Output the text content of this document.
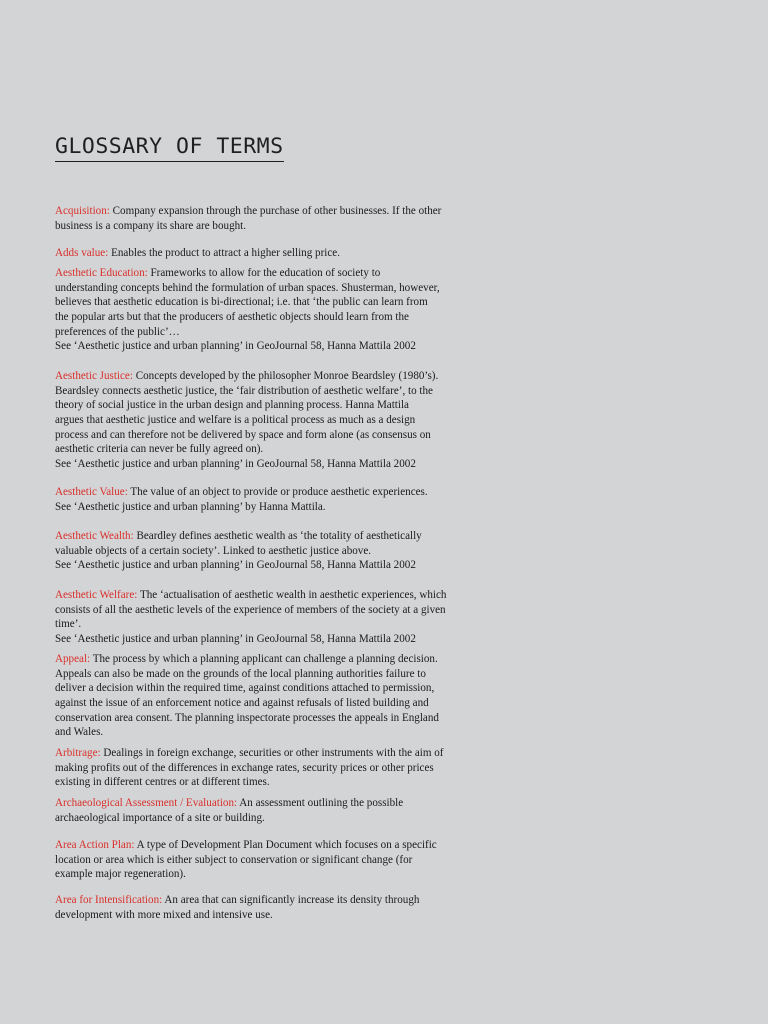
GLOSSARY OF TERMS
Acquisition: Company expansion through the purchase of other businesses. If the other
business is a company its share are bought.
Adds value: Enables the product to attract a higher selling price.
Aesthetic Education: Frameworks to allow for the education of society to
understanding concepts behind the formulation of urban spaces. Shusterman, however,
believes that aesthetic education is bi-directional; i.e. that ‘the public can learn from
the popular arts but that the producers of aesthetic objects should learn from the
preferences of the public’…
See ‘Aesthetic justice and urban planning’ in GeoJournal 58, Hanna Mattila 2002
Aesthetic Justice: Concepts developed by the philosopher Monroe Beardsley (1980’s).
Beardsley connects aesthetic justice, the ‘fair distribution of aesthetic welfare’, to the
theory of social justice in the urban design and planning process. Hanna Mattila
argues that aesthetic justice and welfare is a political process as much as a design
process and can therefore not be delivered by space and form alone (as consensus on
aesthetic criteria can never be fully agreed on).
See ‘Aesthetic justice and urban planning’ in GeoJournal 58, Hanna Mattila 2002
Aesthetic Value: The value of an object to provide or produce aesthetic experiences.
See ‘Aesthetic justice and urban planning’ by Hanna Mattila.
Aesthetic Wealth: Beardley defines aesthetic wealth as ‘the totality of aesthetically
valuable objects of a certain society’. Linked to aesthetic justice above.
See ‘Aesthetic justice and urban planning’ in GeoJournal 58, Hanna Mattila 2002
Aesthetic Welfare: The ‘actualisation of aesthetic wealth in aesthetic experiences, which
consists of all the aesthetic levels of the experience of members of the society at a given
time’.
See ‘Aesthetic justice and urban planning’ in GeoJournal 58, Hanna Mattila 2002
Appeal: The process by which a planning applicant can challenge a planning decision.
Appeals can also be made on the grounds of the local planning authorities failure to
deliver a decision within the required time, against conditions attached to permission,
against the issue of an enforcement notice and against refusals of listed building and
conservation area consent. The planning inspectorate processes the appeals in England
and Wales.
Arbitrage: Dealings in foreign exchange, securities or other instruments with the aim of
making profits out of the differences in exchange rates, security prices or other prices
existing in different centres or at different times.
Archaeological Assessment / Evaluation: An assessment outlining the possible
archaeological importance of a site or building.
Area Action Plan: A type of Development Plan Document which focuses on a specific
location or area which is either subject to conservation or significant change (for
example major regeneration).
Area for Intensification: An area that can significantly increase its density through
development with more mixed and intensive use.
